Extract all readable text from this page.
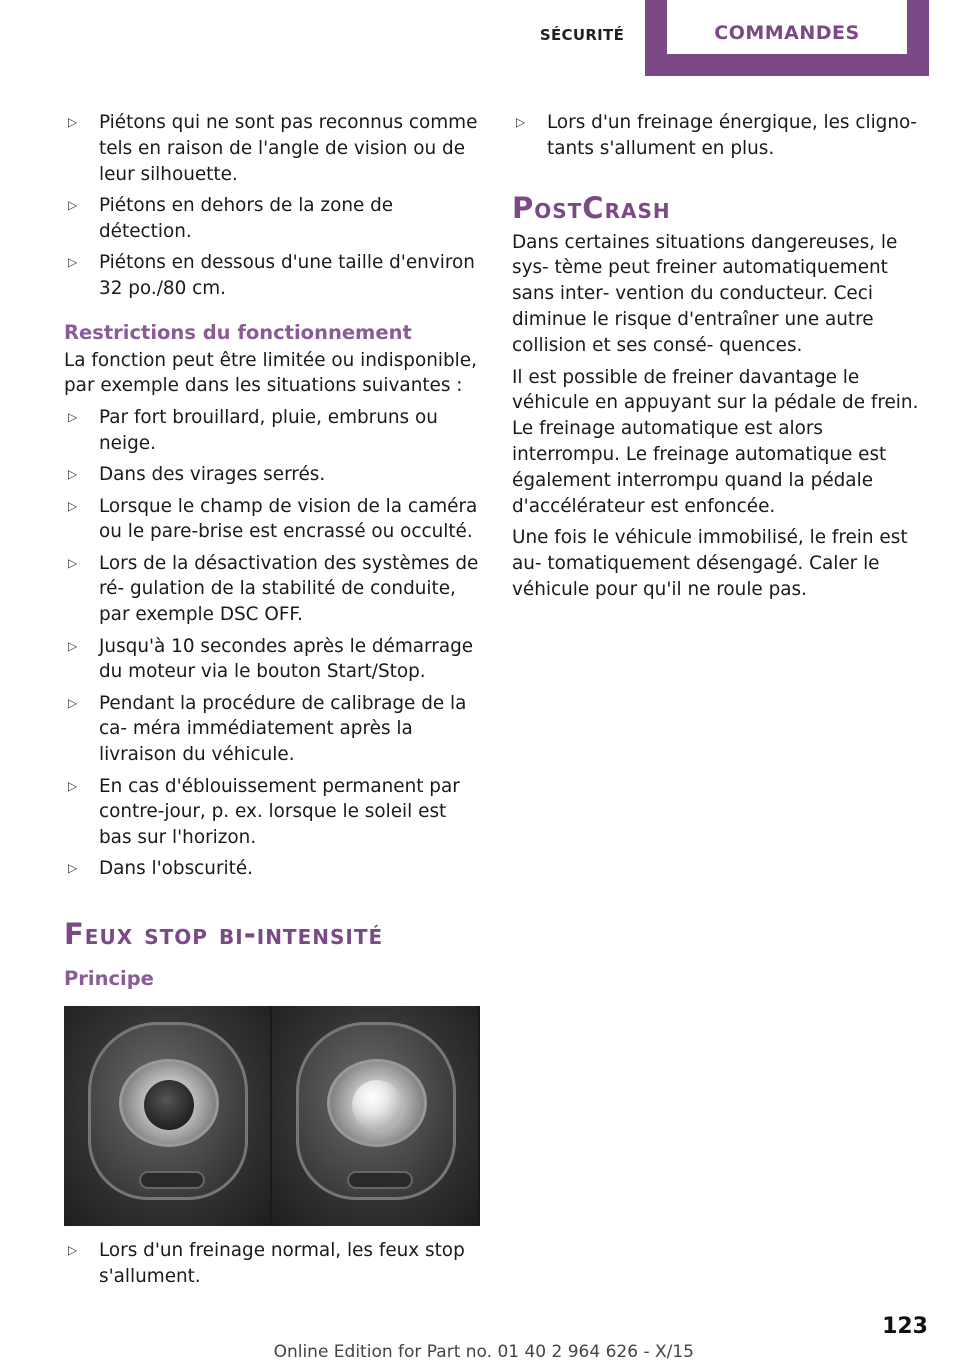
SÉCURITÉ	COMMANDES
▷ Piétons qui ne sont pas reconnus comme tels en raison de l'angle de vision ou de leur silhouette.
▷ Piétons en dehors de la zone de détection.
▷ Piétons en dessous d'une taille d'environ 32 po./80 cm.
Restrictions du fonctionnement

La fonction peut être limitée ou indisponible, par exemple dans les situations suivantes :

▷ Par fort brouillard, pluie, embruns ou neige.
▷ Dans des virages serrés.
▷ Lorsque le champ de vision de la caméra ou le pare-brise est encrassé ou occulté.
▷ Lors de la désactivation des systèmes de ré‐ gulation de la stabilité de conduite, par exemple DSC OFF.
▷ Jusqu'à 10 secondes après le démarrage du moteur via le bouton Start/Stop.
▷ Pendant la procédure de calibrage de la ca‐ méra immédiatement après la livraison du véhicule.
▷ En cas d'éblouissement permanent par contre-jour, p. ex. lorsque le soleil est bas sur l'horizon.
▷ Dans l'obscurité.
Feux stop bi-intensité
Principe
▷ Lors d'un freinage normal, les feux stop s'allument.
▷ Lors d'un freinage énergique, les cligno‐ tants s'allument en plus.
PostCrash

Dans certaines situations dangereuses, le sys‐ tème peut freiner automatiquement sans inter‐ vention du conducteur. Ceci diminue le risque d'entraîner une autre collision et ses consé‐ quences.

Il est possible de freiner davantage le véhicule en appuyant sur la pédale de frein. Le freinage automatique est alors interrompu. Le freinage automatique est également interrompu quand la pédale d'accélérateur est enfoncée.

Une fois le véhicule immobilisé, le frein est au‐ tomatiquement désengagé. Caler le véhicule pour qu'il ne roule pas.

123
Online Edition for Part no. 01 40 2 964 626 - X/15
